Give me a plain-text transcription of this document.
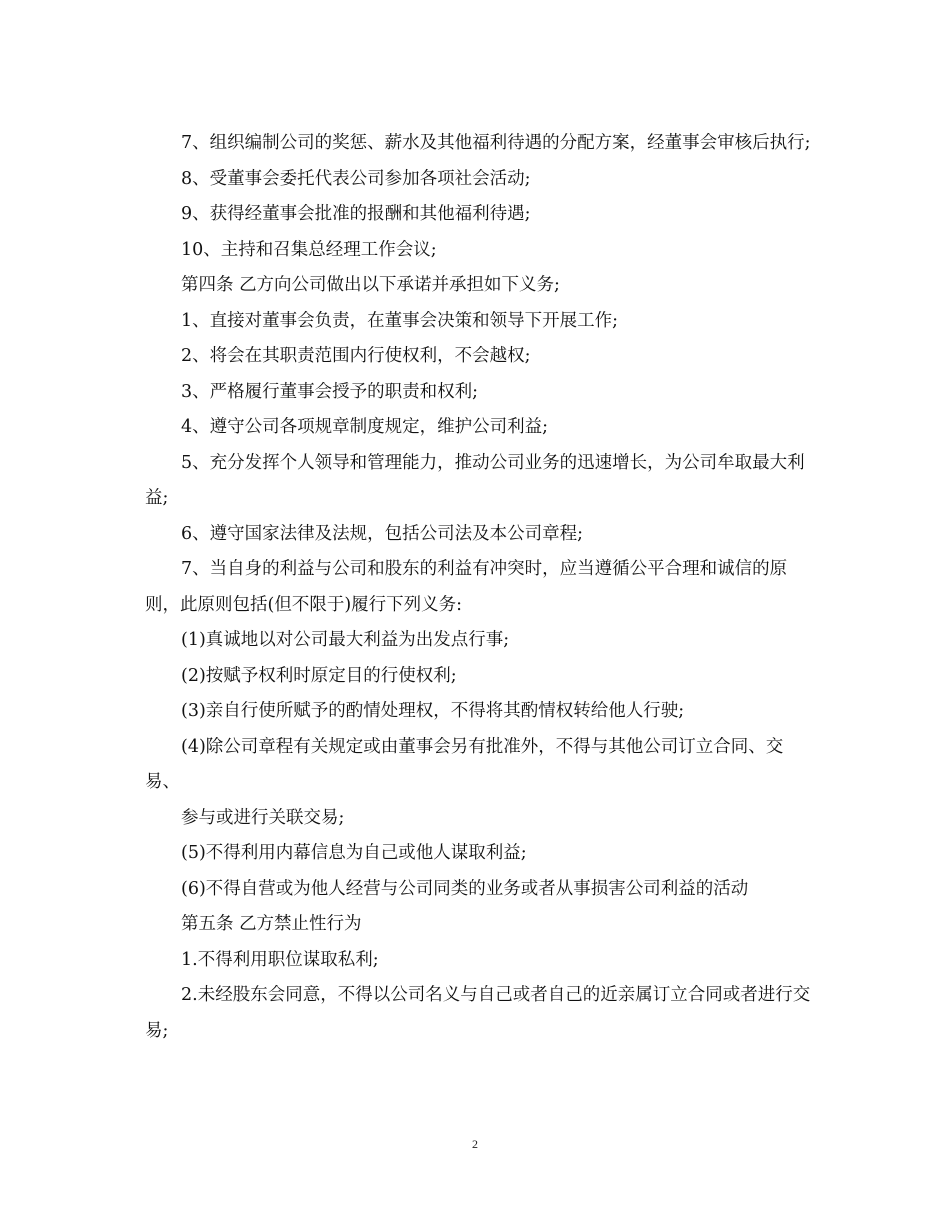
7、组织编制公司的奖惩、薪水及其他福利待遇的分配方案，经董事会审核后执行;

8、受董事会委托代表公司参加各项社会活动;

9、获得经董事会批准的报酬和其他福利待遇;

10、主持和召集总经理工作会议;

第四条 乙方向公司做出以下承诺并承担如下义务;

1、直接对董事会负责，在董事会决策和领导下开展工作;

2、将会在其职责范围内行使权利，不会越权;

3、严格履行董事会授予的职责和权利;

4、遵守公司各项规章制度规定，维护公司利益;

5、充分发挥个人领导和管理能力，推动公司业务的迅速增长，为公司牟取最大利益;

6、遵守国家法律及法规，包括公司法及本公司章程;

7、当自身的利益与公司和股东的利益有冲突时，应当遵循公平合理和诚信的原则，此原则包括(但不限于)履行下列义务:

(1)真诚地以对公司最大利益为出发点行事;

(2)按赋予权利时原定目的行使权利;

(3)亲自行使所赋予的酌情处理权，不得将其酌情权转给他人行驶;

(4)除公司章程有关规定或由董事会另有批准外，不得与其他公司订立合同、交易、

参与或进行关联交易;

(5)不得利用内幕信息为自己或他人谋取利益;

(6)不得自营或为他人经营与公司同类的业务或者从事损害公司利益的活动

第五条 乙方禁止性行为

1.不得利用职位谋取私利;

2.未经股东会同意，不得以公司名义与自己或者自己的近亲属订立合同或者进行交易;

2
